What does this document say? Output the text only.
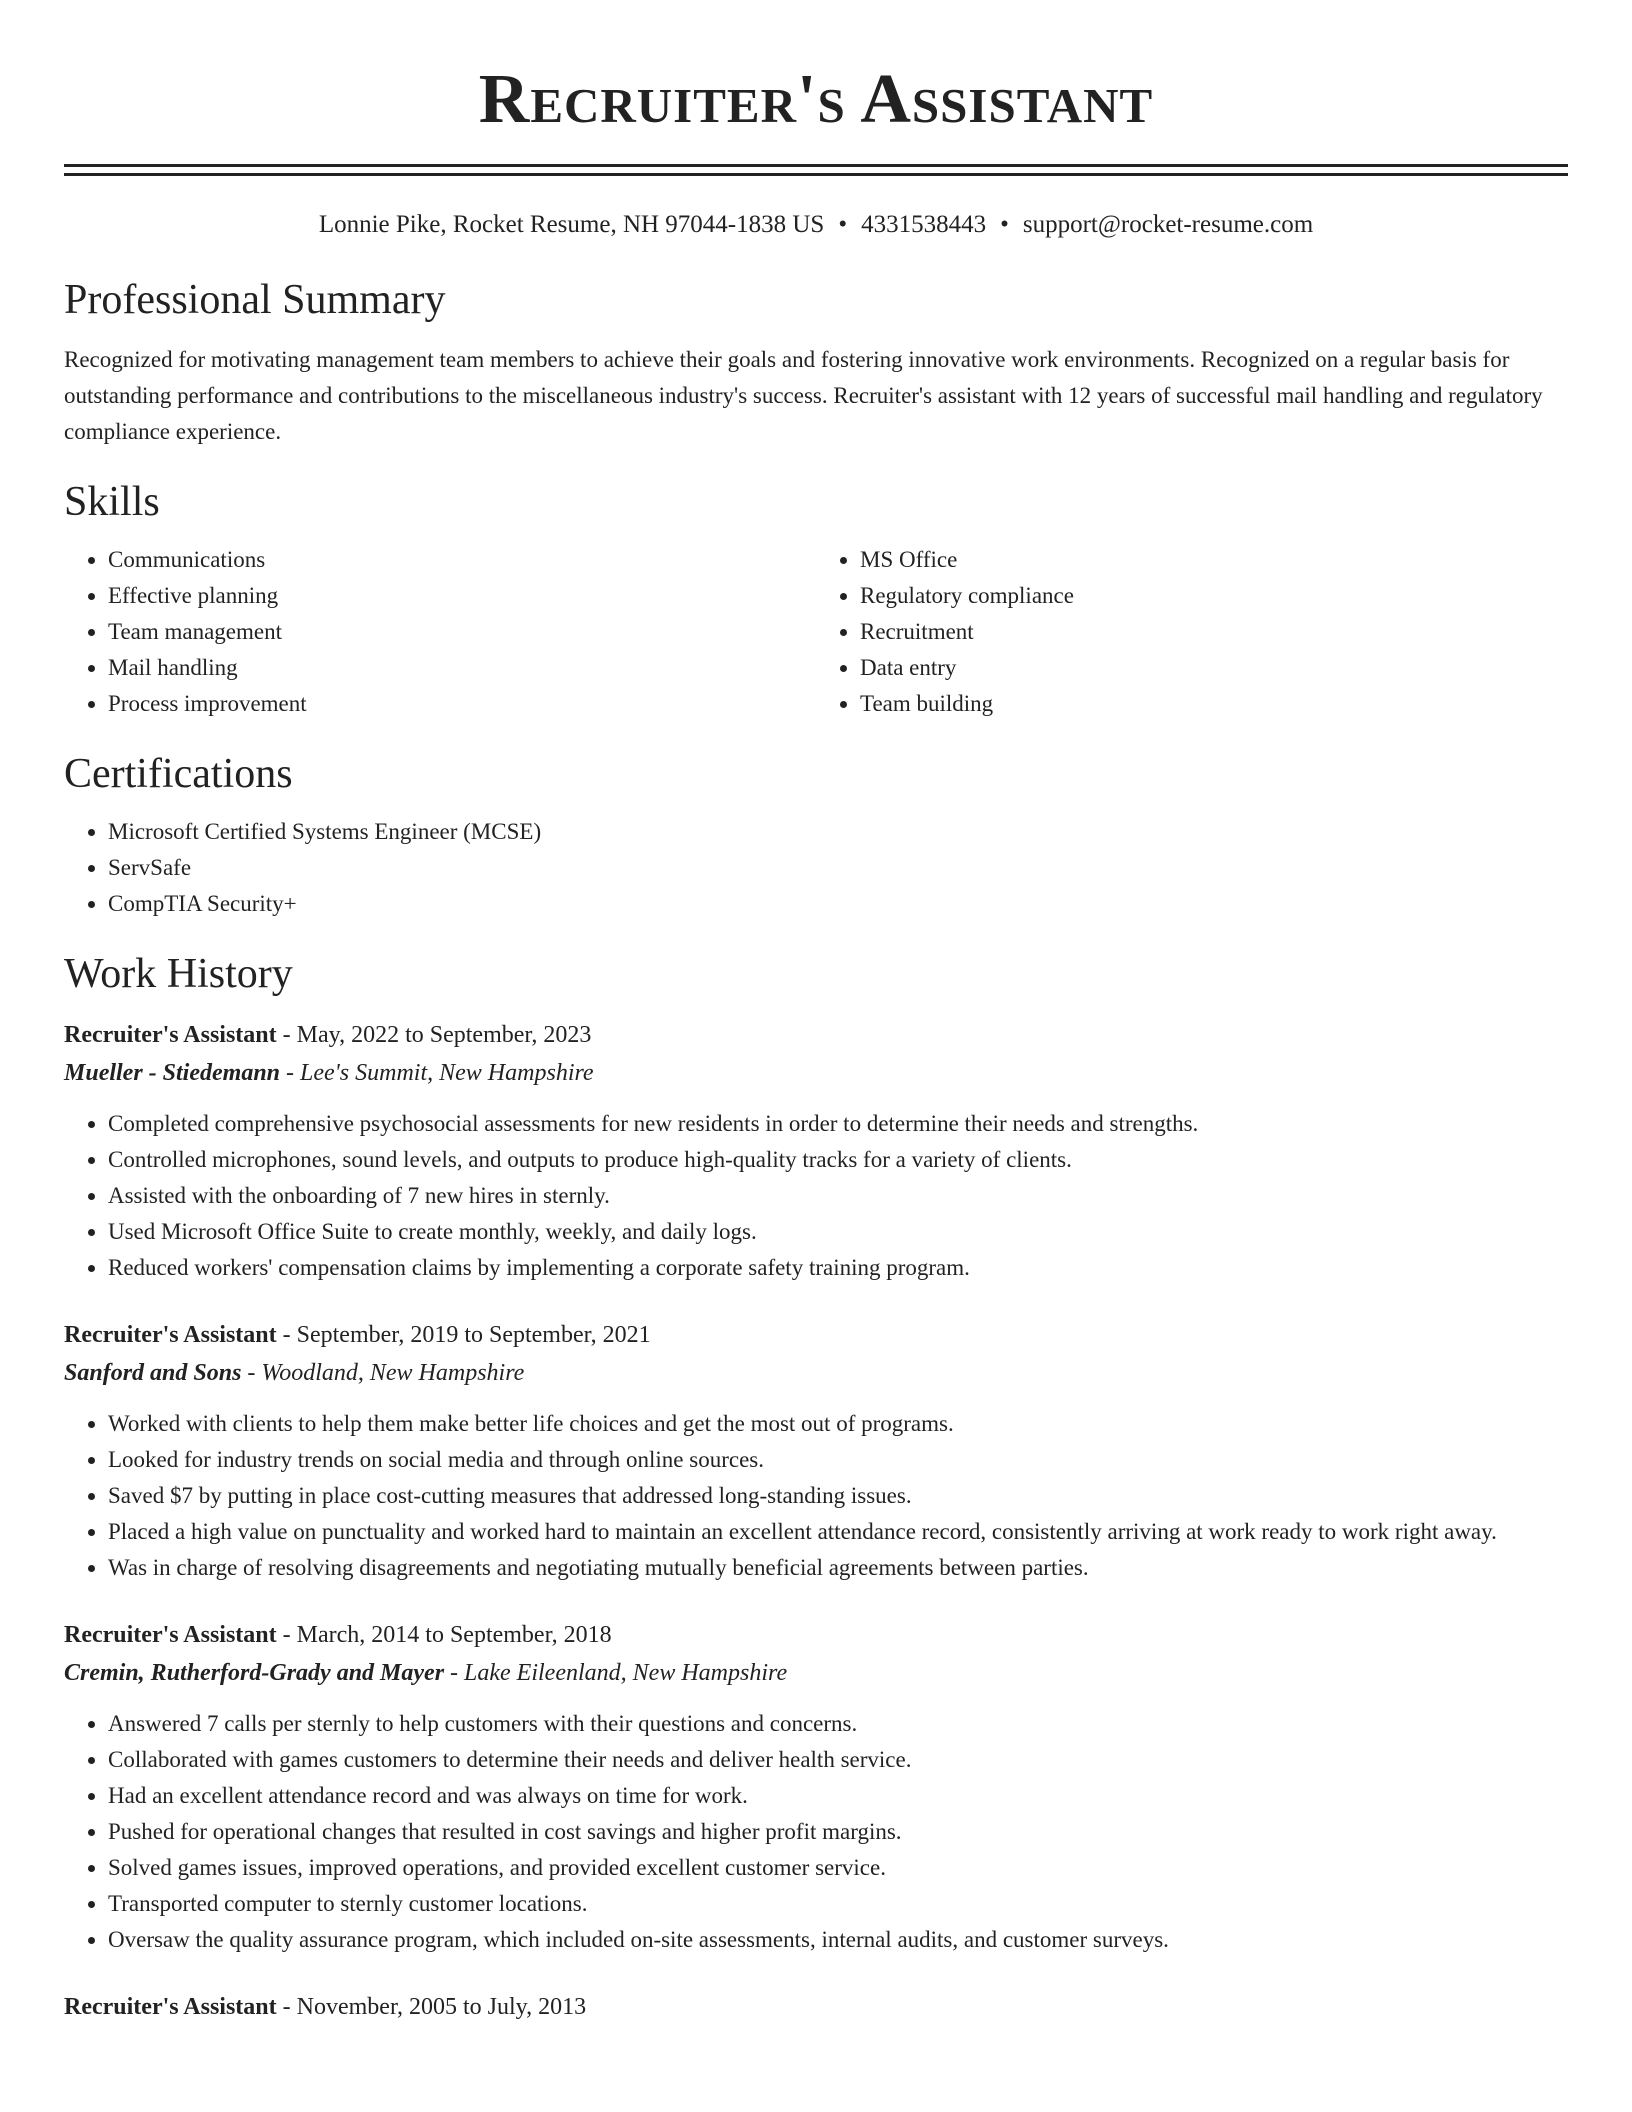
Recruiter's Assistant
Lonnie Pike, Rocket Resume, NH 97044-1838 US • 4331538443 • support@rocket-resume.com
Professional Summary

Recognized for motivating management team members to achieve their goals and fostering innovative work environments. Recognized on a regular basis for outstanding performance and contributions to the miscellaneous industry's success. Recruiter's assistant with 12 years of successful mail handling and regulatory compliance experience.

Skills
• Communications
• Effective planning
• Team management
• Mail handling
• Process improvement
• MS Office
• Regulatory compliance
• Recruitment
• Data entry
• Team building
Certifications
• Microsoft Certified Systems Engineer (MCSE)
• ServSafe
• CompTIA Security+
Work History
Recruiter's Assistant - May, 2022 to September, 2023
Mueller - Stiedemann - Lee's Summit, New Hampshire
• Completed comprehensive psychosocial assessments for new residents in order to determine their needs and strengths.
• Controlled microphones, sound levels, and outputs to produce high-quality tracks for a variety of clients.
• Assisted with the onboarding of 7 new hires in sternly.
• Used Microsoft Office Suite to create monthly, weekly, and daily logs.
• Reduced workers' compensation claims by implementing a corporate safety training program.
Recruiter's Assistant - September, 2019 to September, 2021
Sanford and Sons - Woodland, New Hampshire
• Worked with clients to help them make better life choices and get the most out of programs.
• Looked for industry trends on social media and through online sources.
• Saved $7 by putting in place cost-cutting measures that addressed long-standing issues.
• Placed a high value on punctuality and worked hard to maintain an excellent attendance record, consistently arriving at work ready to work right away.
• Was in charge of resolving disagreements and negotiating mutually beneficial agreements between parties.
Recruiter's Assistant - March, 2014 to September, 2018
Cremin, Rutherford-Grady and Mayer - Lake Eileenland, New Hampshire
• Answered 7 calls per sternly to help customers with their questions and concerns.
• Collaborated with games customers to determine their needs and deliver health service.
• Had an excellent attendance record and was always on time for work.
• Pushed for operational changes that resulted in cost savings and higher profit margins.
• Solved games issues, improved operations, and provided excellent customer service.
• Transported computer to sternly customer locations.
• Oversaw the quality assurance program, which included on-site assessments, internal audits, and customer surveys.
Recruiter's Assistant - November, 2005 to July, 2013
